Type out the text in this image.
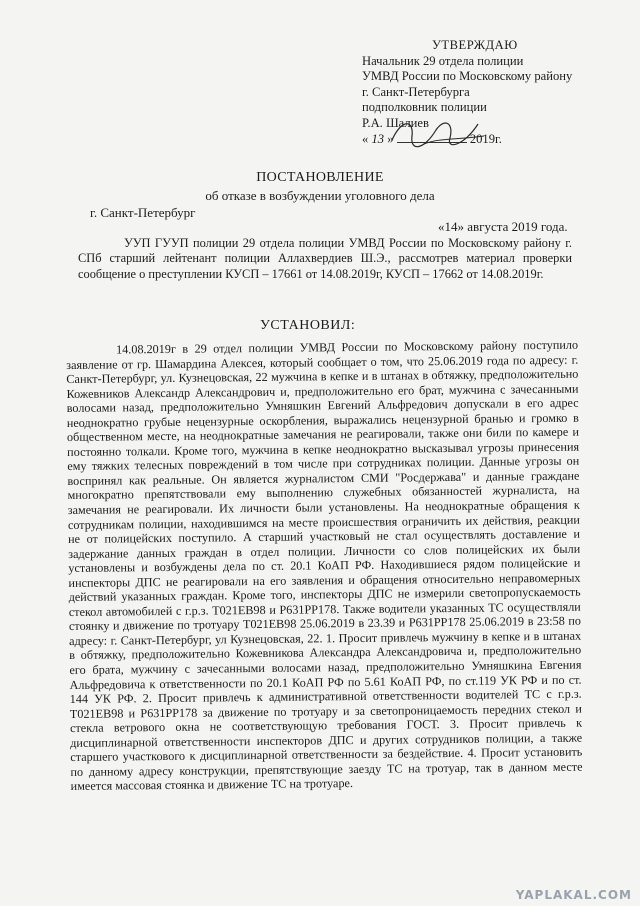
УТВЕРЖДАЮ
Начальник 29 отдела полиции
УМВД России по Московскому району
г. Санкт-Петербурга
подполковник полиции
Р.А. Шалиев
« 13 »	2019г.
ПОСТАНОВЛЕНИЕ
об отказе в возбуждении уголовного дела
г. Санкт-Петербург
«14» августа 2019 года.
УУП ГУУП полиции 29 отдела полиции УМВД России по Московскому району г. СПб старший лейтенант полиции Аллахвердиев Ш.Э., рассмотрев материал проверки сообщение о преступлении КУСП – 17661 от 14.08.2019г, КУСП – 17662 от 14.08.2019г.
УСТАНОВИЛ:
14.08.2019г в 29 отдел полиции УМВД России по Московскому району поступило заявление от гр. Шамардина Алексея, который сообщает о том, что 25.06.2019 года по адресу: г. Санкт-Петербург, ул. Кузнецовская, 22 мужчина в кепке и в штанах в обтяжку, предположительно Кожевников Александр Александрович и, предположительно его брат, мужчина с зачесанными волосами назад, предположительно Умняшкин Евгений Альфредович допускали в его адрес неоднократно грубые нецензурные оскорбления, выражались нецензурной бранью и громко в общественном месте, на неоднократные замечания не реагировали, также они били по камере и постоянно толкали. Кроме того, мужчина в кепке неоднократно высказывал угрозы принесения ему тяжких телесных повреждений в том числе при сотрудниках полиции. Данные угрозы он воспринял как реальные. Он является журналистом СМИ "Росдержава" и данные граждане многократно препятствовали ему выполнению служебных обязанностей журналиста, на замечания не реагировали. Их личности были установлены. На неоднократные обращения к сотрудникам полиции, находившимся на месте происшествия ограничить их действия, реакции не от полицейских поступило. А старший участковый не стал осуществлять доставление и задержание данных граждан в отдел полиции. Личности со слов полицейских их были установлены и возбуждены дела по ст. 20.1 КоАП РФ. Находившиеся рядом полицейские и инспекторы ДПС не реагировали на его заявления и обращения относительно неправомерных действий указанных граждан. Кроме того, инспекторы ДПС не измерили светопропускаемость стекол автомобилей с г.р.з. Т021ЕВ98 и Р631РР178. Также водители указанных ТС осуществляли стоянку и движение по тротуару Т021ЕВ98 25.06.2019 в 23.39 и Р631РР178 25.06.2019 в 23:58 по адресу: г. Санкт-Петербург, ул Кузнецовская, 22. 1. Просит привлечь мужчину в кепке и в штанах в обтяжку, предположительно Кожевникова Александра Александровича и, предположительно его брата, мужчину с зачесанными волосами назад, предположительно Умняшкина Евгения Альфредовича к ответственности по 20.1 КоАП РФ по 5.61 КоАП РФ, по ст.119 УК РФ и по ст. 144 УК РФ. 2. Просит привлечь к административной ответственности водителей ТС с г.р.з. Т021ЕВ98 и Р631РР178 за движение по тротуару и за светопроницаемость передних стекол и стекла ветрового окна не соответствующую требования ГОСТ. 3. Просит привлечь к дисциплинарной ответственности инспекторов ДПС и других сотрудников полиции, а также старшего участкового к дисциплинарной ответственности за бездействие. 4. Просит установить по данному адресу конструкции, препятствующие заезду ТС на тротуар, так в данном месте имеется массовая стоянка и движение ТС на тротуаре.
YAPLAKAL.COM
